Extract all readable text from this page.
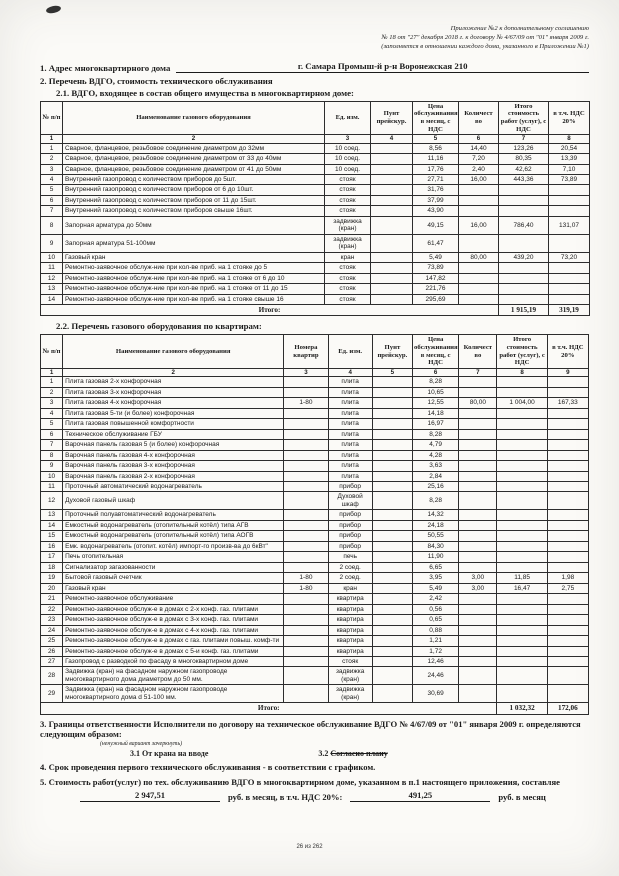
Приложение №2 к дополнительному соглашению
№ 18 от "27" декабря 2018 г. к договору № 4/67/09 от "01" января 2009 г.
(заполняется в отношении каждого дома, указанного в Приложении №1)
1. Адрес многоквартирного дома	г. Самара Промыш-й р-н Воронежская 210
2. Перечень ВДГО, стоимость технического обслуживания
2.1. ВДГО, входящее в состав общего имущества в многоквартирном доме:
№ п/п	Наименование газового оборудования	Ед. изм.	Пунт прейскур.	Цена обслуживания в месяц, с НДС	Количест во	Итого стоимость работ (услуг), с НДС	в т.ч. НДС 20%
1	2	3	4	5	6	7	8
1	Сварное, фланцевое, резьбовое соединение диаметром до 32мм	10 соед.		8,56	14,40	123,26	20,54
2	Сварное, фланцевое, резьбовое соединение диаметром от 33 до 40мм	10 соед.		11,16	7,20	80,35	13,39
3	Сварное, фланцевое, резьбовое соединение диаметром от 41 до 50мм	10 соед.		17,76	2,40	42,62	7,10
4	Внутренний газопровод с количеством приборов до 5шт.	стояк		27,71	16,00	443,36	73,89
5	Внутренний газопровод с количеством приборов от 6 до 10шт.	стояк		31,76			
6	Внутренний газопровод с количеством приборов от 11 до 15шт.	стояк		37,99			
7	Внутренний газопровод с количеством приборов свыше 16шт.	стояк		43,90			
8	Запорная арматура до 50мм	задвижка (кран)		49,15	16,00	786,40	131,07
9	Запорная арматура 51-100мм	задвижка (кран)		61,47			
10	Газовый кран	кран		5,49	80,00	439,20	73,20
11	Ремонтно-заявочное обслуж-ние при кол-ве приб. на 1 стояке до 5	стояк		73,89			
12	Ремонтно-заявочное обслуж-ние при кол-ве приб. на 1 стояке от 6 до 10	стояк		147,82			
13	Ремонтно-заявочное обслуж-ние при кол-ве приб. на 1 стояке от 11 до 15	стояк		221,76			
14	Ремонтно-заявочное обслуж-ние при кол-ве приб. на 1 стояке свыше 16	стояк		295,69			
Итого:						1 915,19	319,19
2.2. Перечень газового оборудования по квартирам:
№ п/п	Наименование газового оборудования	Номера квартир	Ед. изм.	Пунт прейскур.	Цена обслуживания в месяц, с НДС	Количест во	Итого стоимость работ (услуг), с НДС	в т.ч. НДС 20%
1	2	3	4	5	6	7	8	9
1	Плита газовая 2-х конфорочная		плита		8,28			
2	Плита газовая 3-х конфорочная		плита		10,65			
3	Плита газовая 4-х конфорочная	1-80	плита		12,55	80,00	1 004,00	167,33
4	Плита газовая 5-ти (и более) конфорочная		плита		14,18			
5	Плита газовая повышенной комфортности		плита		16,97			
6	Техническое обслуживание ГБУ		плита		8,28			
7	Варочная панель газовая 5 (и более) конфорочная		плита		4,79			
8	Варочная панель газовая 4-х конфорочная		плита		4,28			
9	Варочная панель газовая 3-х конфорочная		плита		3,63			
10	Варочная панель газовая 2-х конфорочная		плита		2,84			
11	Проточный автоматический водонагреватель		прибор		25,16			
12	Духовой газовый шкаф		Духовой шкаф		8,28			
13	Проточный полуавтоматический водонагреватель		прибор		14,32			
14	Емкостный водонагреватель (отопительный котёл) типа АГВ		прибор		24,18			
15	Емкостный водонагреватель (отопительный котёл) типа АОГВ		прибор		50,55			
16	Емк. водонагреватель (отопит. котёл) импорт-го произв-ва до 6кВт"		прибор		84,30			
17	Печь отопительная		печь		11,90			
18	Сигнализатор загазованности		2 соед.		6,65			
19	Бытовой газовый счетчик	1-80	2 соед.		3,95	3,00	11,85	1,98
20	Газовый кран	1-80	кран		5,49	3,00	16,47	2,75
21	Ремонтно-заявочное обслуживание		квартира		2,42			
22	Ремонтно-заявочное обслуж-е в домах с 2-х конф. газ. плитами		квартира		0,56			
23	Ремонтно-заявочное обслуж-е в домах с 3-х конф. газ. плитами		квартира		0,65			
24	Ремонтно-заявочное обслуж-е в домах с 4-х конф. газ. плитами		квартира		0,88			
25	Ремонтно-заявочное обслуж-е в домах с газ. плитами повыш. комф-ти		квартира		1,21			
26	Ремонтно-заявочное обслуж-е в домах с 5-и конф. газ. плитами		квартира		1,72			
27	Газопровод с разводкой по фасаду в многоквартирном доме		стояк		12,46			
28	Задвижка (кран) на фасадном наружном газопроводе многоквартирного дома диаметром до 50 мм.		задвижка (кран)		24,46			
29	Задвижка (кран) на фасадном наружном газопроводе многоквартирного дома d 51-100 мм.		задвижка (кран)		30,69			
Итого:							1 032,32	172,06
3. Границы ответственности Исполнители по договору на техническое обслуживание ВДГО № 4/67/09 от "01" января 2009 г. определяются следующим образом:
(ненужный вариант зачеркнуть)
3.1 От крана на вводе	3.2 Согласно плану
4. Срок проведения первого технического обслуживания - в соответствии с графиком.
5. Стоимость работ(услуг) по тех. обслуживанию ВДГО в многоквартирном доме, указанном в п.1 настоящего приложения, составляе
2 947,51	руб. в месяц, в т.ч. НДС 20%:	491,25	руб. в месяц
26 из 262
